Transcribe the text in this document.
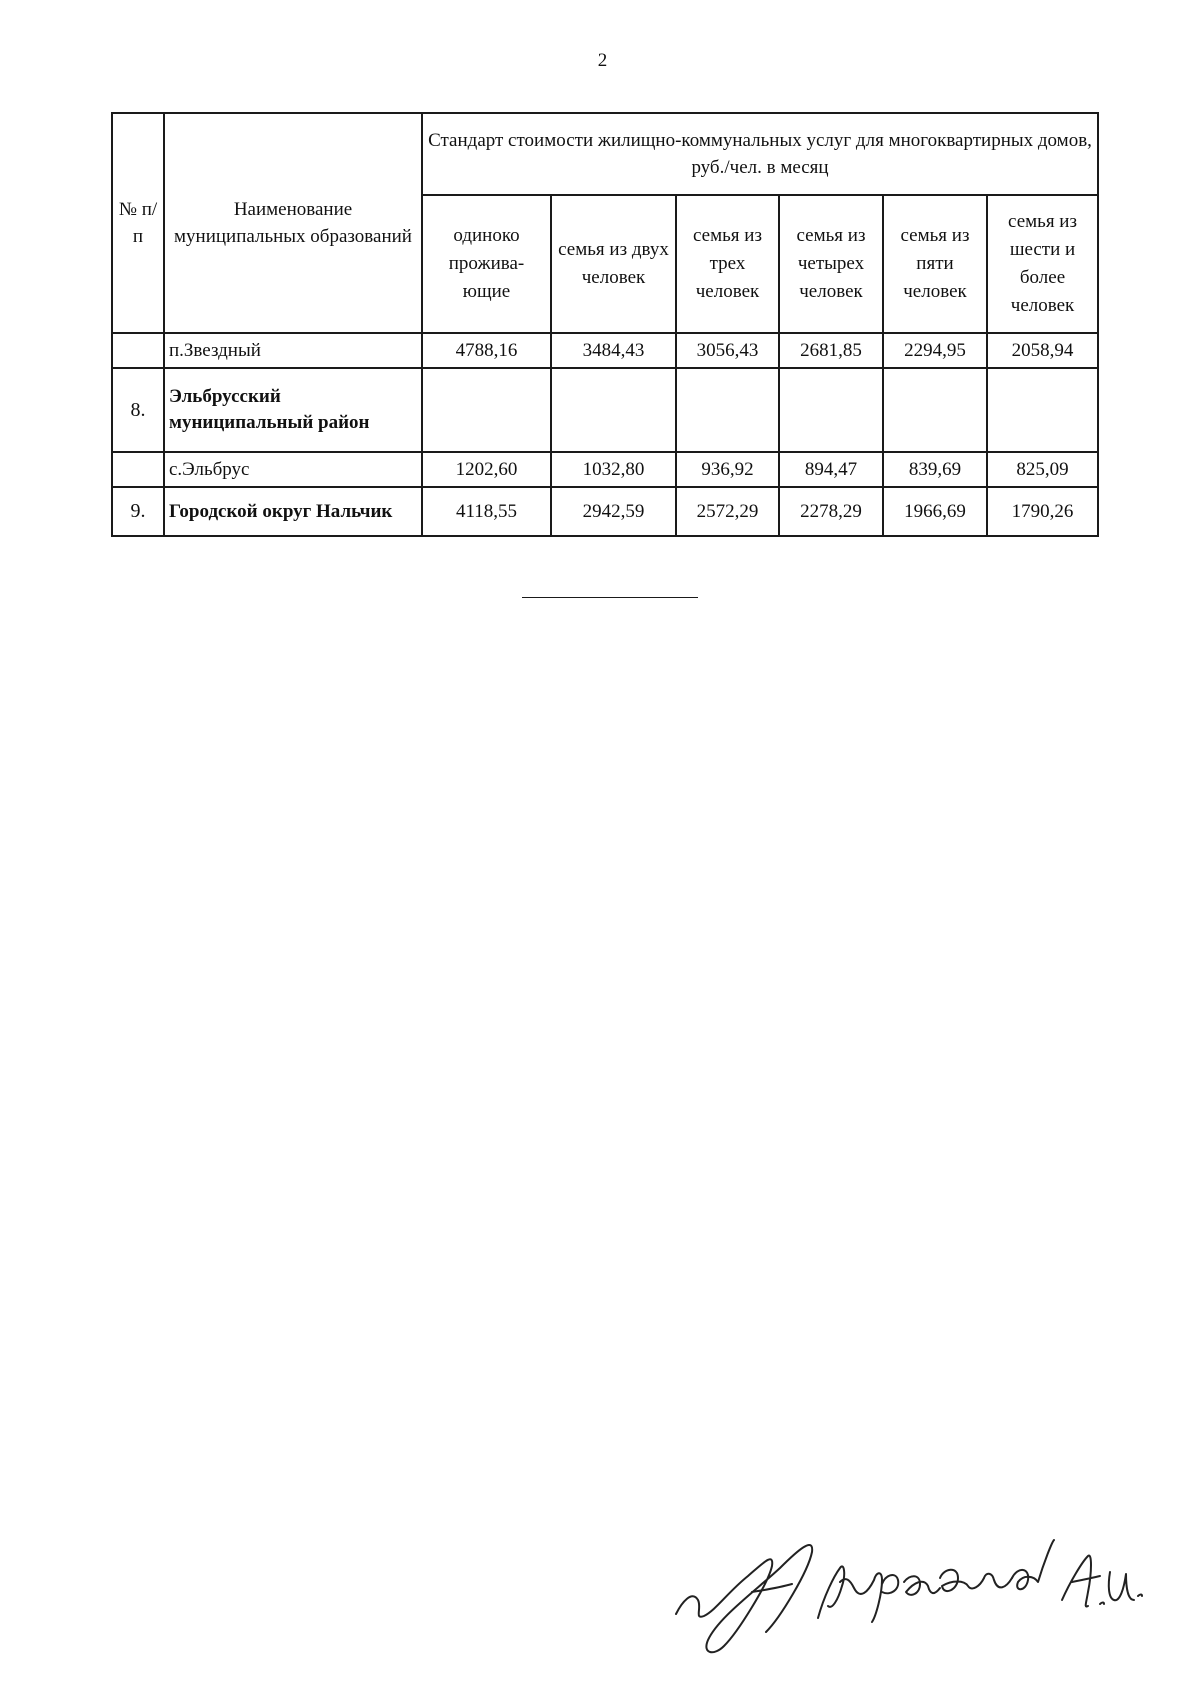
2
№ п/п	Наименование муниципальных образований	Стандарт стоимости жилищно-коммунальных услуг для многоквартирных домов, руб./чел. в месяц					
		одиноко прожива-ющие	семья из двух человек	семья из трех человек	семья из четырех человек	семья из пяти человек	семья из шести и более человек
	п.Звездный	4788,16	3484,43	3056,43	2681,85	2294,95	2058,94
8.	Эльбрусский муниципальный район						
	с.Эльбрус	1202,60	1032,80	936,92	894,47	839,69	825,09
9.	Городской округ Нальчик	4118,55	2942,59	2572,29	2278,29	1966,69	1790,26
